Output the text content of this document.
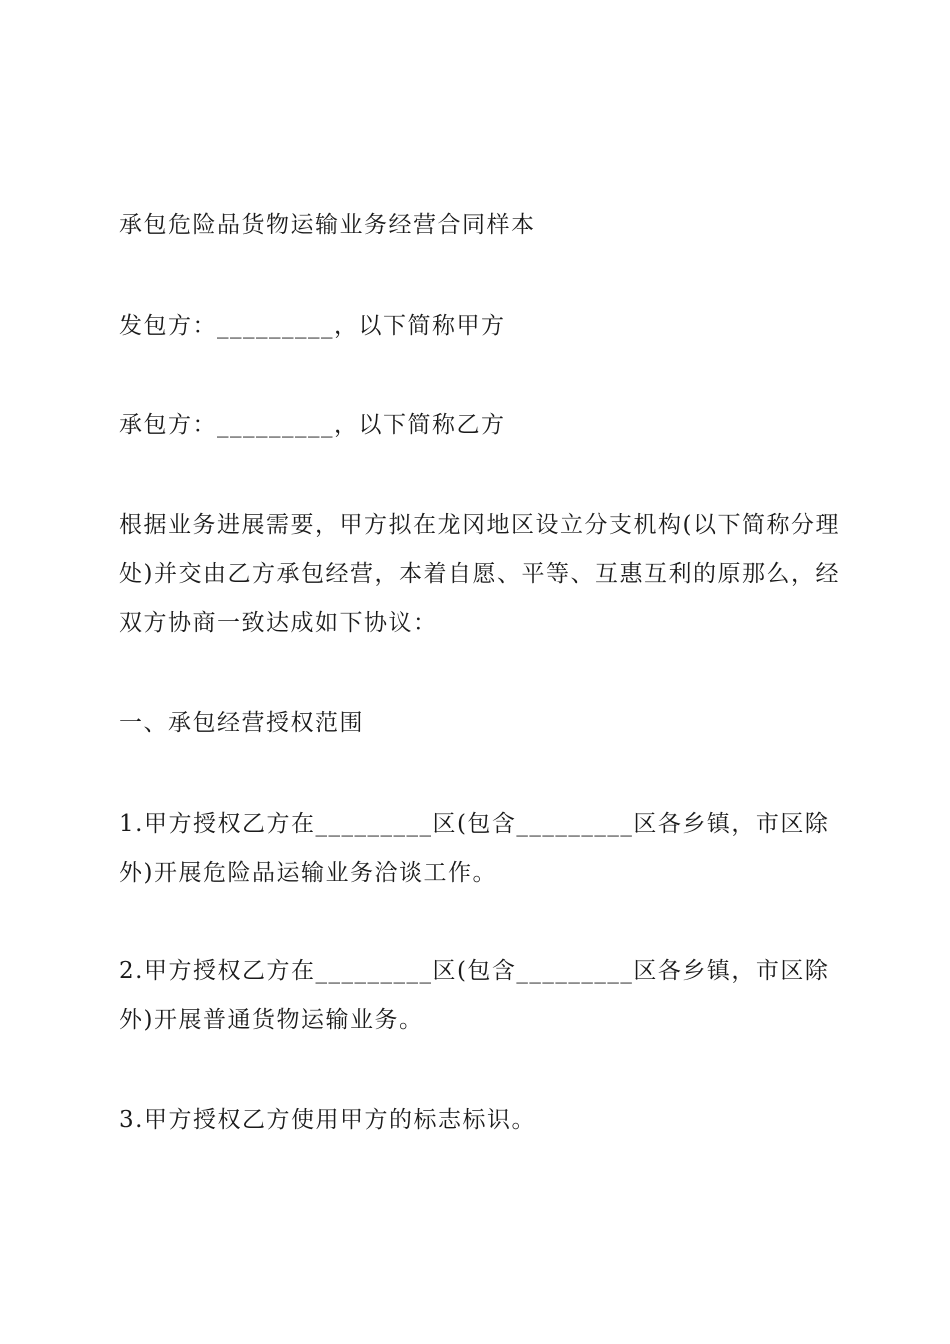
承包危险品货物运输业务经营合同样本

发包方：_________，以下简称甲方

承包方：_________，以下简称乙方

根据业务进展需要，甲方拟在龙冈地区设立分支机构(以下简称分理
处)并交由乙方承包经营，本着自愿、平等、互惠互利的原那么，经
双方协商一致达成如下协议：

一、承包经营授权范围

1.甲方授权乙方在_________区(包含_________区各乡镇，市区除
外)开展危险品运输业务洽谈工作。

2.甲方授权乙方在_________区(包含_________区各乡镇，市区除
外)开展普通货物运输业务。

3.甲方授权乙方使用甲方的标志标识。
